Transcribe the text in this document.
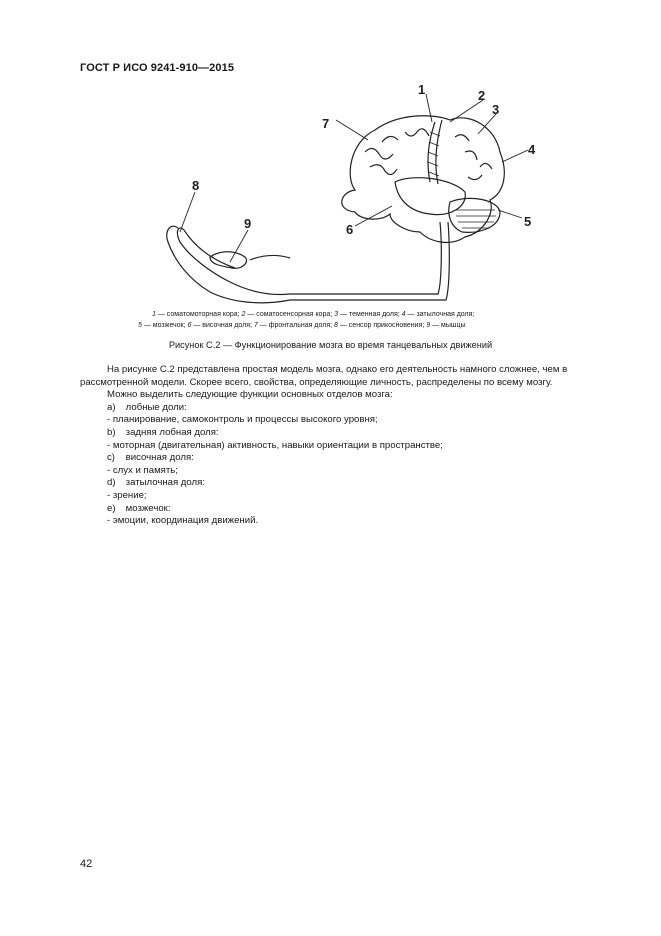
ГОСТ Р ИСО 9241-910—2015
1	2
3
4
5
6
7
8
9
1 — соматомоторная кора; 2 — соматосенсорная кора; 3 — теменная доля; 4 — затылочная доля;
5 — мозжечок; 6 — височная доля; 7 — фронтальная доля; 8 — сенсор прикосновения; 9 — мышцы
Рисунок С.2 — Функционирование мозга во время танцевальных движений

На рисунке С.2 представлена простая модель мозга, однако его деятельность намного сложнее, чем в

рассмотренной модели. Скорее всего, свойства, определяющие личность, распределены по всему мозгу.

Можно выделить следующие функции основных отделов мозга:

a) лобные доли:

- планирование, самоконтроль и процессы высокого уровня;

b) задняя лобная доля:

- моторная (двигательная) активность, навыки ориентации в пространстве;

c) височная доля:

- слух и память;

d) затылочная доля:

- зрение;

e) мозжечок:

- эмоции, координация движений.

42
